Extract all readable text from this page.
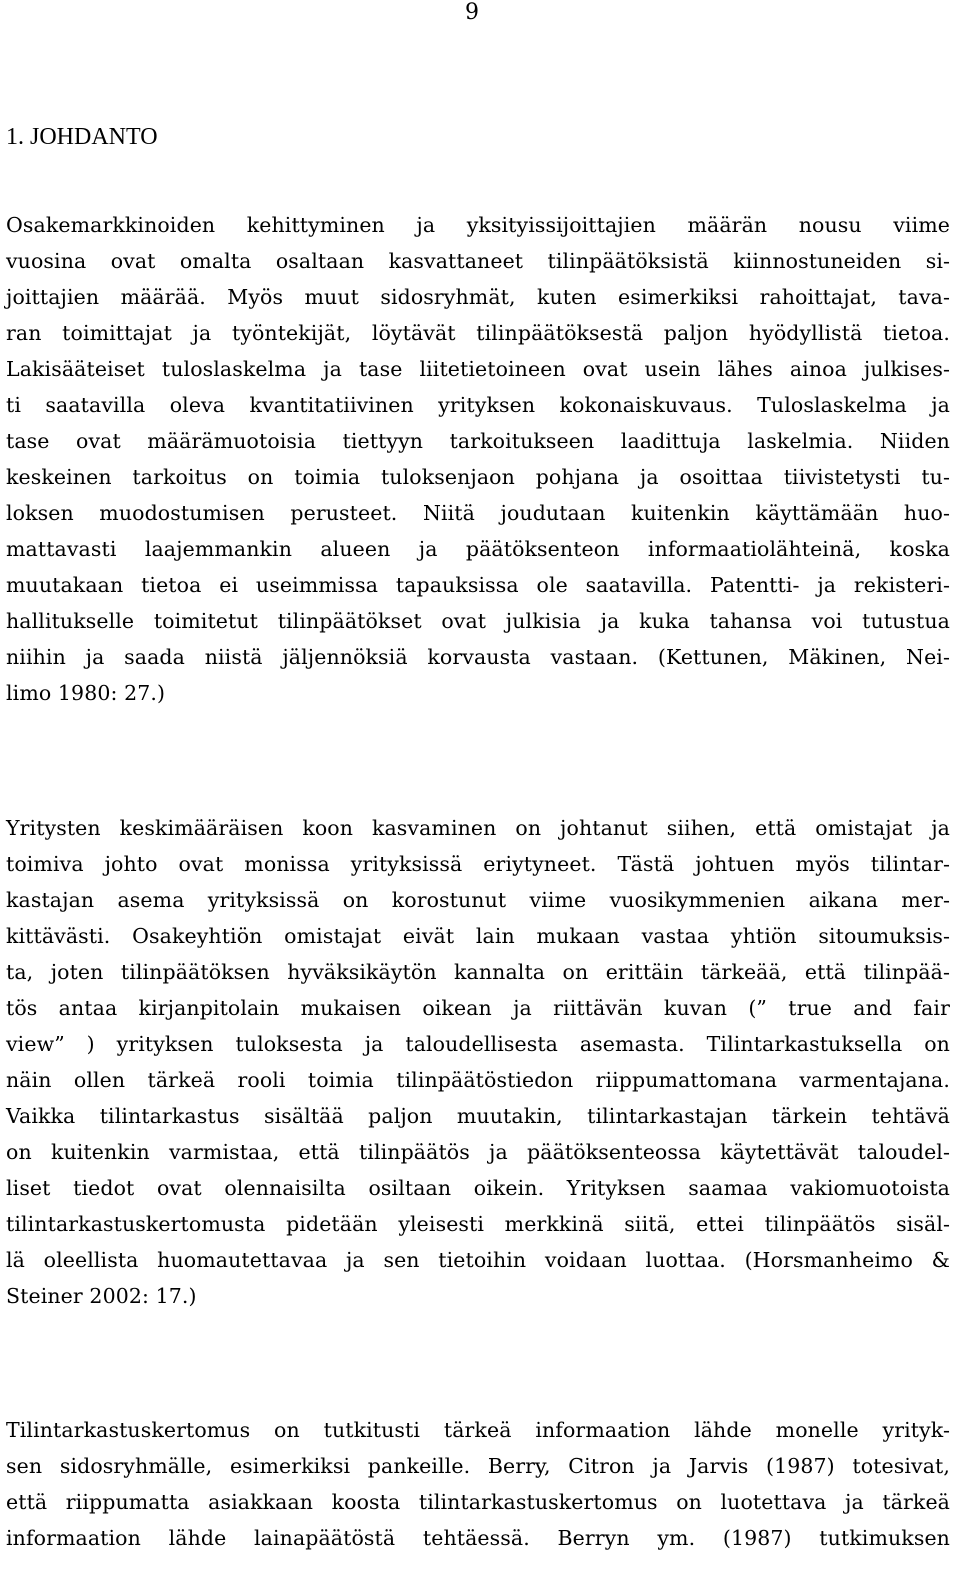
9
1. JOHDANTO
Osakemarkkinoiden kehittyminen ja yksityissijoittajien määrän nousu viime
vuosina ovat omalta osaltaan kasvattaneet tilinpäätöksistä kiinnostuneiden si-
joittajien määrää. Myös muut sidosryhmät, kuten esimerkiksi rahoittajat, tava-
ran toimittajat ja työntekijät, löytävät tilinpäätöksestä paljon hyödyllistä tietoa.
Lakisääteiset tuloslaskelma ja tase liitetietoineen ovat usein lähes ainoa julkises-
ti saatavilla oleva kvantitatiivinen yrityksen kokonaiskuvaus. Tuloslaskelma ja
tase ovat määrämuotoisia tiettyyn tarkoitukseen laadittuja laskelmia. Niiden
keskeinen tarkoitus on toimia tuloksenjaon pohjana ja osoittaa tiivistetysti tu-
loksen muodostumisen perusteet. Niitä joudutaan kuitenkin käyttämään huo-
mattavasti laajemmankin alueen ja päätöksenteon informaatiolähteinä, koska
muutakaan tietoa ei useimmissa tapauksissa ole saatavilla. Patentti- ja rekisteri-
hallitukselle toimitetut tilinpäätökset ovat julkisia ja kuka tahansa voi tutustua
niihin ja saada niistä jäljennöksiä korvausta vastaan. (Kettunen, Mäkinen, Nei-
limo 1980: 27.)
Yritysten keskimääräisen koon kasvaminen on johtanut siihen, että omistajat ja
toimiva johto ovat monissa yrityksissä eriytyneet. Tästä johtuen myös tilintar-
kastajan asema yrityksissä on korostunut viime vuosikymmenien aikana mer-
kittävästi. Osakeyhtiön omistajat eivät lain mukaan vastaa yhtiön sitoumuksis-
ta, joten tilinpäätöksen hyväksikäytön kannalta on erittäin tärkeää, että tilinpää-
tös antaa kirjanpitolain mukaisen oikean ja riittävän kuvan (” true and fair
view” ) yrityksen tuloksesta ja taloudellisesta asemasta. Tilintarkastuksella on
näin ollen tärkeä rooli toimia tilinpäätöstiedon riippumattomana varmentajana.
Vaikka tilintarkastus sisältää paljon muutakin, tilintarkastajan tärkein tehtävä
on kuitenkin varmistaa, että tilinpäätös ja päätöksenteossa käytettävät taloudel-
liset tiedot ovat olennaisilta osiltaan oikein. Yrityksen saamaa vakiomuotoista
tilintarkastuskertomusta pidetään yleisesti merkkinä siitä, ettei tilinpäätös sisäl-
lä oleellista huomautettavaa ja sen tietoihin voidaan luottaa. (Horsmanheimo &
Steiner 2002: 17.)
Tilintarkastuskertomus on tutkitusti tärkeä informaation lähde monelle yrityk-
sen sidosryhmälle, esimerkiksi pankeille. Berry, Citron ja Jarvis (1987) totesivat,
että riippumatta asiakkaan koosta tilintarkastuskertomus on luotettava ja tärkeä
informaation lähde lainapäätöstä tehtäessä. Berryn ym. (1987) tutkimuksen
